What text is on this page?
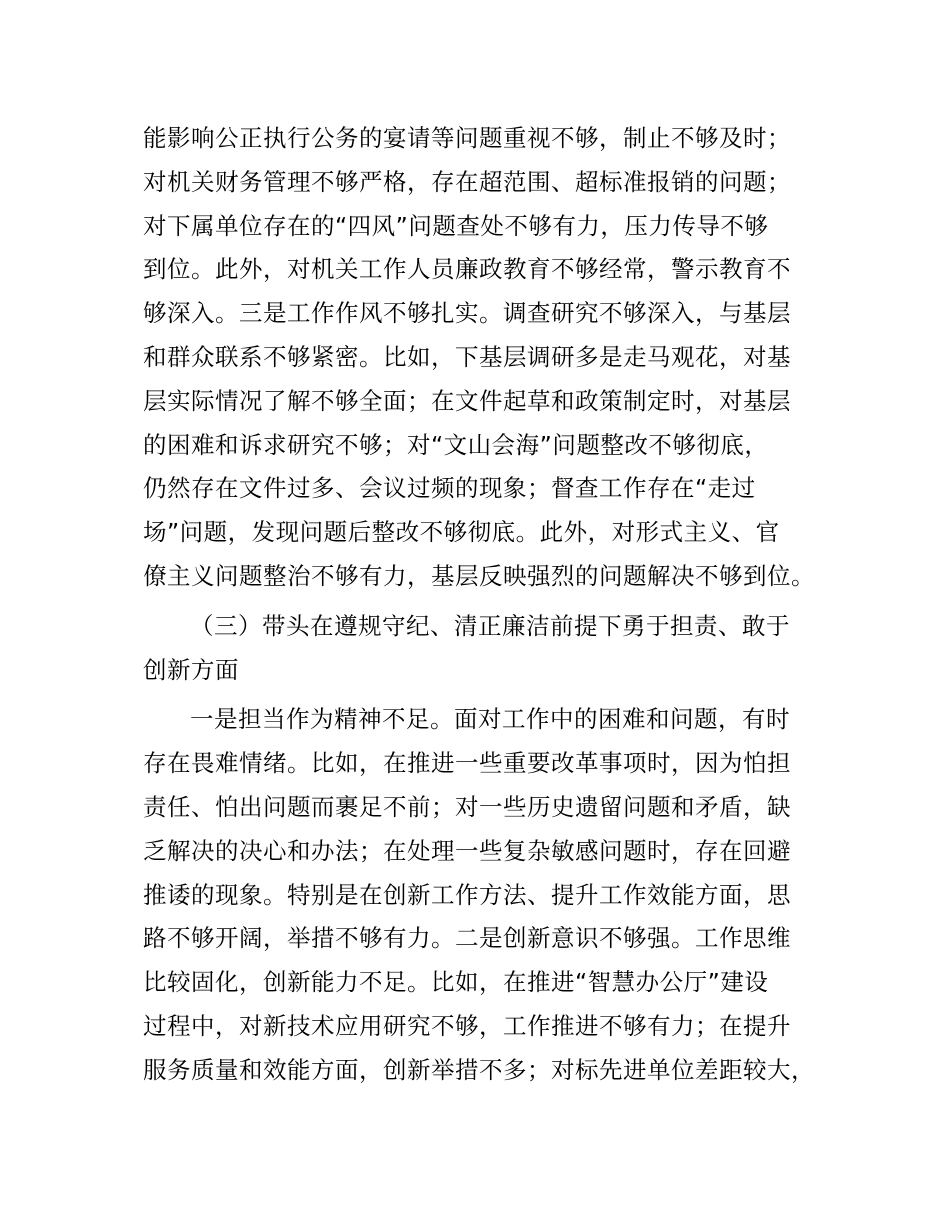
能影响公正执行公务的宴请等问题重视不够，制止不够及时；
对机关财务管理不够严格，存在超范围、超标准报销的问题；
对下属单位存在的“四风”问题查处不够有力，压力传导不够
到位。此外，对机关工作人员廉政教育不够经常，警示教育不
够深入。三是工作作风不够扎实。调查研究不够深入，与基层
和群众联系不够紧密。比如，下基层调研多是走马观花，对基
层实际情况了解不够全面；在文件起草和政策制定时，对基层
的困难和诉求研究不够；对“文山会海”问题整改不够彻底，
仍然存在文件过多、会议过频的现象；督查工作存在“走过
场”问题，发现问题后整改不够彻底。此外，对形式主义、官
僚主义问题整治不够有力，基层反映强烈的问题解决不够到位。
（三）带头在遵规守纪、清正廉洁前提下勇于担责、敢于
创新方面
一是担当作为精神不足。面对工作中的困难和问题，有时
存在畏难情绪。比如，在推进一些重要改革事项时，因为怕担
责任、怕出问题而裹足不前；对一些历史遗留问题和矛盾，缺
乏解决的决心和办法；在处理一些复杂敏感问题时，存在回避
推诿的现象。特别是在创新工作方法、提升工作效能方面，思
路不够开阔，举措不够有力。二是创新意识不够强。工作思维
比较固化，创新能力不足。比如，在推进“智慧办公厅”建设
过程中，对新技术应用研究不够，工作推进不够有力；在提升
服务质量和效能方面，创新举措不多；对标先进单位差距较大，
